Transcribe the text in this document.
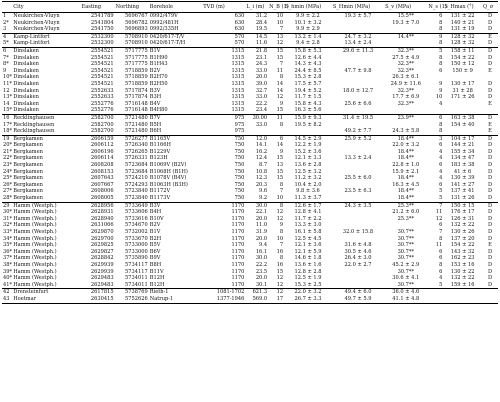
	City	Easting	Northing	Borehole	TVD (m)	L_i (m)	N_B (1)	S_hmin (MPa)	S_Hmin (MPa)	S_v (MPa)	N_s (1)	S_Hmax (°)	Q_σ
1	Neukirchen-Vluyn	2541789	5696767	0992/479V	630	31.2	10	9.9 ± 2.2	19.3 ± 5.7	15.5**	6	131 ± 22	D
2*	Neukirchen-Vluyn	2541804	5696782	0992/481H	630	28.4	10	10.1 ± 3.2		19.3 ± 7.0	8	140 ± 21	D
3	Neukirchen-Vluyn	2541750	5696893	0992/335H	630	19.5	7	9.9 ± 2.9			8	131 ± 19	D
4	Kamp-Lintfort	2532300	5708910	0420/617-T/V	570	14.5	13	13.2 ± 1.4	24.7 ± 3.2	14.4**	9	128 ± 32	E
5*	Kamp-Lintfort	2532300	5708910	0420/617-T/H	570	11.6	12	9.4 ± 2.8	13.4 ± 2.4		8	128 ± 32	D
6	Dinslaken	2554521	5717775	B1V	1315	21.8	15	15.8 ± 5.3	29.6 ± 11.3	32.3**	5	158 ± 11	D
7*	Dinslaken	2554521	5717775	B1H90	1315	23.1	15	12.6 ± 4.4		27.5 ± 4.9	8	154 ± 22	D
8*	Dinslaken	2554521	5717775	B1H43	1315	24.3	7	14.3 ± 4.3		32.3**	8	150 ± 12	D
9	Dinslaken	2554521	5718859	B2V	1315	33.0	11	24.4 ± 8.5	47.7 ± 9.8	32.3**	6	150 ± 9	E
10*	Dinslaken	2554521	5718859	B2H70	1315	20.0	8	15.3 ± 2.8		26.3 ± 6.1			
11*	Dinslaken	2554521	5718859	B2H50	1315	39.0	14	17.5 ± 5.7		24.9 ± 11.6	9	130 ± 17	D
12	Dinslaken	2552633	5717874	B3V	1315	32.7	14	19.4 ± 5.2	18.0 ± 12.7	32.3**	9	31 ± 28	D
13*	Dinslaken	2552633	5717874	B3H	1315	33.0	12	11.7 ± 1.5		17.7 ± 6.9	10	171 ± 26	D
14	Dinslaken	2552776	5716148	B4V	1315	22.2	9	15.8 ± 4.3	25.6 ± 6.6	32.3**	4		E
15*	Dinslaken	2552776	5716148	B4H80	1315	23.4	15	16.3 ± 5.6					
16	Recklinghausen	2582700	5721480	B7V	975	30.00	11	15.9 ± 9.3	31.4 ± 19.5	23.9**	6	163 ± 38	D
17*	Recklinghausen	2582700	5721480	B5H	975	33.0	8	19.5 ± 8.2			8	154 ± 40	E
18*	Recklinghausen	2582700	5721480	B6H	975				49.2 ± 7.7	24.3 ± 5.8	8		E
19	Bergkamen	2606159	5726277	B1165V	750	12.0	6	14.5 ± 2.9	25.9 ± 5.2	18.4**	3	104 ± 17	D
20*	Bergkamen	2606112	5726340	B1166H	750	14.1	14	12.2 ± 1.9		22.0 ± 3.2	6	144 ± 21	D
21*	Bergkamen	2606196	5726265	B1229V	750	16.2	9	15.2 ± 3.6		18.4**	4	155 ± 34	D
22*	Bergkamen	2606114	5726331	B123H	750	12.4	15	12.1 ± 3.3	13.3 ± 2.4	18.4**	4	134 ± 47	D
23*	Bergkamen	2608208	5723684	B1069V (B2V)	750	8.7	13	13.6 ± 2.8		22.8 ± 1.0	6	183 ± 38	D
24*	Bergkamen	2608153	5723684	B1068H (B1H)	750	10.8	15	12.5 ± 3.2		15.9 ± 2.1	4	41 ± 6	D
25*	Bergkamen	2607643	5724210	B1078V (B4V)	750	12.3	15	11.2 ± 3.2	25.5 ± 6.0	18.4**	4	130 ± 39	D
26*	Bergkamen	2607667	5724293	B1063H (B3H)	750	20.3	8	10.4 ± 2.0		16.3 ± 4.5	6	141 ± 27	D
27*	Bergkamen	2608006	5723840	B1172V	750	9.6	7	9.8 ± 3.6	23.5 ± 6.3	18.4**	5	137 ± 41	D
28*	Bergkamen	2608005	5723840	B1173V	750	9.2	10	11.3 ± 3.7		18.4**	5	131 ± 26	D
29	Hamm (Westph.)	2628956	5733649	B3V	1170	30.0	8	12.6 ± 1.7	24.3 ± 3.5	25.3**	7	150 ± 15	D
30*	Hamm (Westph.)	2628931	5733606	B4H	1170	22.1	12	12.8 ± 4.1		21.2 ± 6.0	11	176 ± 17	D
31*	Hamm (Westph.)	2628940	5733616	B10V	1170	20.0	12	11.7 ± 2.2		25.3**	12	126 ± 31	D
32*	Hamm (Westph.)	2631066	5734670	B2V	1170	11.0	9	13.3 ± 3.0			6	132 ± 22	D
33*	Hamm (Westph.)	2629870	5732002	B1V	1170	31.9	8	16.1 ± 5.8	32.0 ± 15.8	30.7**	7	130 ± 26	D
34*	Hamm (Westph.)	2629700	5733670	B2H	1170	20.0	10	12.5 ± 4.5		30.7**	8	137 ± 20	D
35*	Hamm (Westph.)	2629825	5733000	B5V	1170	9.4	7	12.1 ± 3.6	31.6 ± 4.8	30.7**	11	154 ± 22	E
36*	Hamm (Westph.)	2629827	5733000	B6V	1170	16.1	16	12.1 ± 5.9	30.5 ± 4.6	30.7**	6	143 ± 32	D
37*	Hamm (Westph.)	2628842	5735890	B9V	1170	30.0	8	14.6 ± 1.8	26.4 ± 3.0	30.7**	6	162 ± 23	D
38*	Hamm (Westph.)	2629939	5734117	B8H	1170	22.2	16	13.6 ± 1.6	22.0 ± 2.7	45.2 ± 2.9	8	153 ± 16	D
39*	Hamm (Westph.)	2629939	5734117	B11V	1170	23.5	15	12.8 ± 2.8		30.7**	6	130 ± 22	D
40*	Hamm (Westph.)	2629483	5734011	B12H	1170	20.0	12	12.5 ± 1.9		30.6 ± 4.1	4	132 ± 22	D
41*	Hamm (Westph.)	2629483	5734011	B12H	1170	30.1	12	15.3 ± 2.5		30.7**	5	159 ± 16	D
42	Drensteinfurt	2617815	5738769	Rieth-1	1081-1702	621.3	12	22.0 ± 3.2	49.4 ± 6.0	36.0 ± 4.6			
43	Hoetmar	2630415	5752626	Natrup-1	1377-1946	569.0	17	26.7 ± 3.3	49.7 ± 5.9	41.1 ± 4.8			
